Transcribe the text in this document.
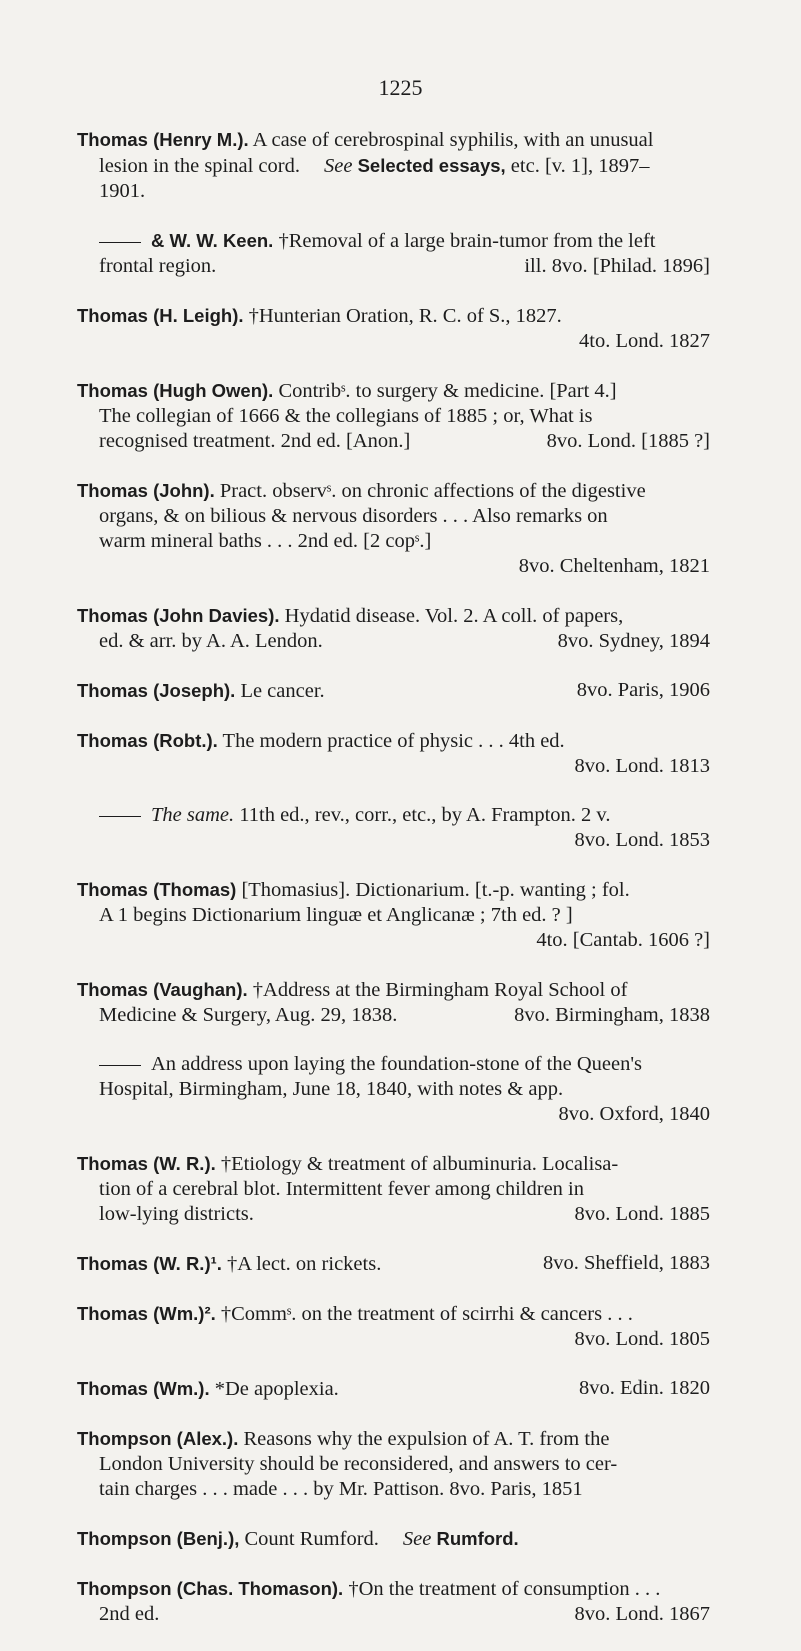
1225
Thomas (Henry M.). A case of cerebrospinal syphilis, with an unusual
lesion in the spinal cord. See Selected essays, etc. [v. 1], 1897–
1901.
& W. W. Keen. †Removal of a large brain-tumor from the left
frontal region.	ill. 8vo. [Philad. 1896]
Thomas (H. Leigh). †Hunterian Oration, R. C. of S., 1827.
4to. Lond. 1827
Thomas (Hugh Owen). Contribˢ. to surgery & medicine. [Part 4.]
The collegian of 1666 & the collegians of 1885 ; or, What is
recognised treatment. 2nd ed. [Anon.]	8vo. Lond. [1885 ?]
Thomas (John). Pract. observˢ. on chronic affections of the digestive
organs, & on bilious & nervous disorders . . . Also remarks on
warm mineral baths . . . 2nd ed. [2 copˢ.]
8vo. Cheltenham, 1821
Thomas (John Davies). Hydatid disease. Vol. 2. A coll. of papers,
ed. & arr. by A. A. Lendon.	8vo. Sydney, 1894
Thomas (Joseph). Le cancer.	8vo. Paris, 1906
Thomas (Robt.). The modern practice of physic . . . 4th ed.
8vo. Lond. 1813
The same. 11th ed., rev., corr., etc., by A. Frampton. 2 v.
8vo. Lond. 1853
Thomas (Thomas) [Thomasius]. Dictionarium. [t.-p. wanting ; fol.
A 1 begins Dictionarium linguæ et Anglicanæ ; 7th ed. ? ]
4to. [Cantab. 1606 ?]
Thomas (Vaughan). †Address at the Birmingham Royal School of
Medicine & Surgery, Aug. 29, 1838.	8vo. Birmingham, 1838
An address upon laying the foundation-stone of the Queen's
Hospital, Birmingham, June 18, 1840, with notes & app.
8vo. Oxford, 1840
Thomas (W. R.). †Etiology & treatment of albuminuria. Localisa-
tion of a cerebral blot. Intermittent fever among children in
low-lying districts.	8vo. Lond. 1885
Thomas (W. R.)¹. †A lect. on rickets.	8vo. Sheffield, 1883
Thomas (Wm.)². †Commˢ. on the treatment of scirrhi & cancers . . .
8vo. Lond. 1805
Thomas (Wm.). *De apoplexia.	8vo. Edin. 1820
Thompson (Alex.). Reasons why the expulsion of A. T. from the
London University should be reconsidered, and answers to cer-
tain charges . . . made . . . by Mr. Pattison. 8vo. Paris, 1851
Thompson (Benj.), Count Rumford. See Rumford.
Thompson (Chas. Thomason). †On the treatment of consumption . . .
2nd ed.	8vo. Lond. 1867
